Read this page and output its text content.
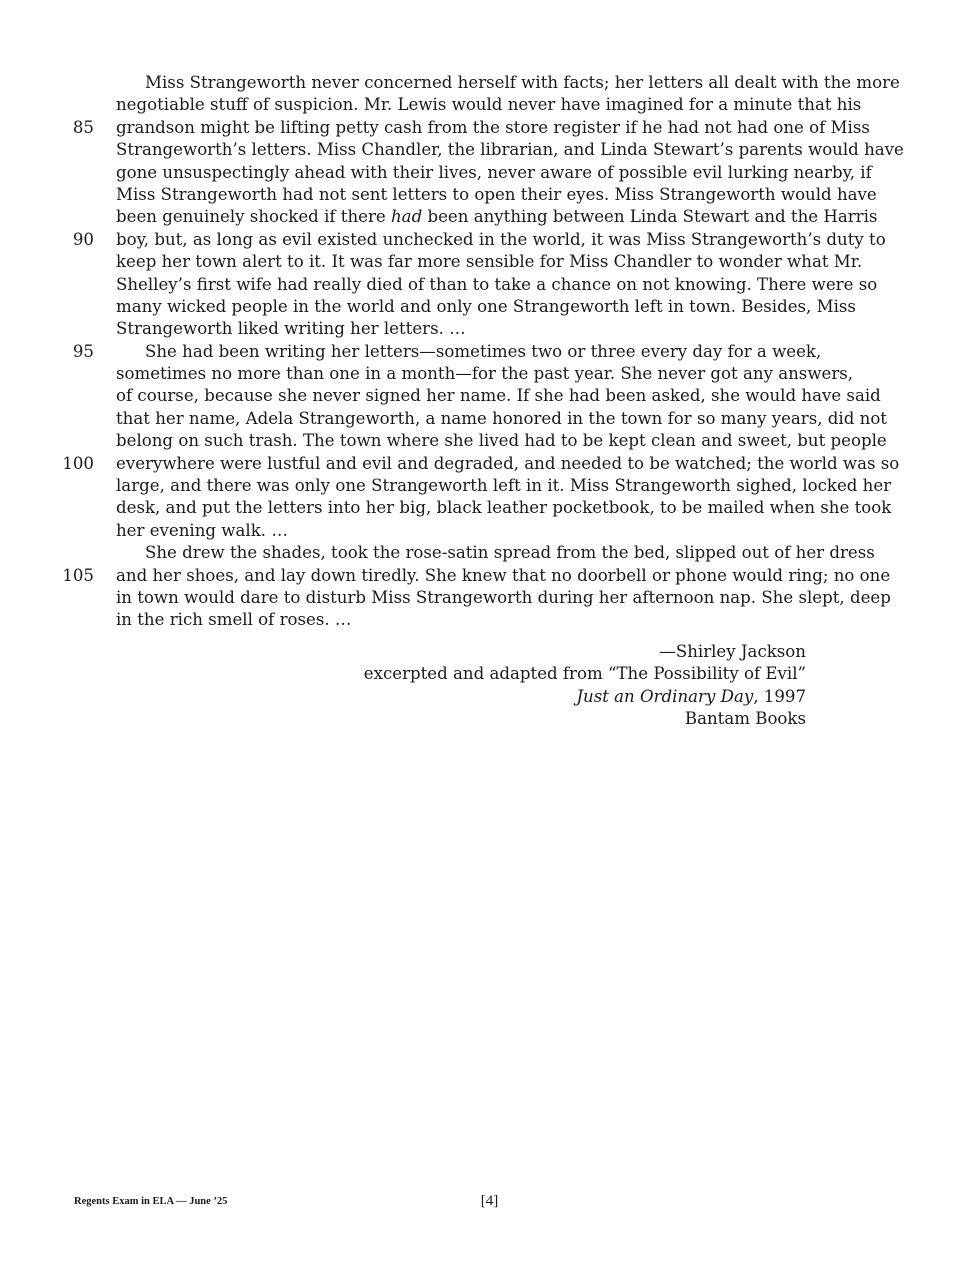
Miss Strangeworth never concerned herself with facts; her letters all dealt with the more
negotiable stuff of suspicion. Mr. Lewis would never have imagined for a minute that his
85 grandson might be lifting petty cash from the store register if he had not had one of Miss
Strangeworth’s letters. Miss Chandler, the librarian, and Linda Stewart’s parents would have
gone unsuspectingly ahead with their lives, never aware of possible evil lurking nearby, if
Miss Strangeworth had not sent letters to open their eyes. Miss Strangeworth would have
been genuinely shocked if there had been anything between Linda Stewart and the Harris
90 boy, but, as long as evil existed unchecked in the world, it was Miss Strangeworth’s duty to
keep her town alert to it. It was far more sensible for Miss Chandler to wonder what Mr.
Shelley’s first wife had really died of than to take a chance on not knowing. There were so
many wicked people in the world and only one Strangeworth left in town. Besides, Miss
Strangeworth liked writing her letters. …
95	She had been writing her letters—sometimes two or three every day for a week,
sometimes no more than one in a month—for the past year. She never got any answers,
of course, because she never signed her name. If she had been asked, she would have said
that her name, Adela Strangeworth, a name honored in the town for so many years, did not
belong on such trash. The town where she lived had to be kept clean and sweet, but people
100 everywhere were lustful and evil and degraded, and needed to be watched; the world was so
large, and there was only one Strangeworth left in it. Miss Strangeworth sighed, locked her
desk, and put the letters into her big, black leather pocketbook, to be mailed when she took
her evening walk. …
She drew the shades, took the rose-satin spread from the bed, slipped out of her dress
105 and her shoes, and lay down tiredly. She knew that no doorbell or phone would ring; no one
in town would dare to disturb Miss Strangeworth during her afternoon nap. She slept, deep
in the rich smell of roses. …
—Shirley Jackson
excerpted and adapted from “The Possibility of Evil”
Just an Ordinary Day, 1997
Bantam Books
Regents Exam in ELA — June ’25	[4]
